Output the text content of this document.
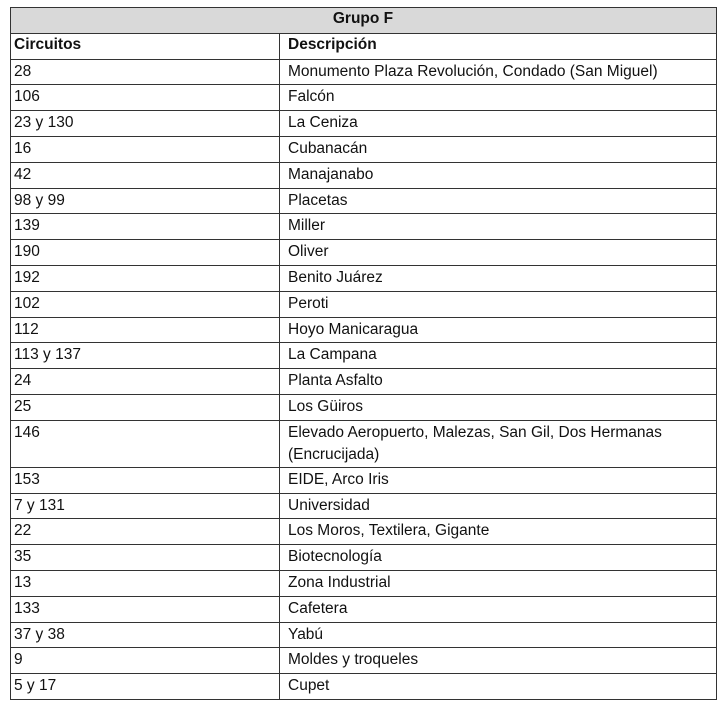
Grupo F	
Circuitos	Descripción
28	Monumento Plaza Revolución, Condado (San Miguel)
106	Falcón
23 y 130	La Ceniza
16	Cubanacán
42	Manajanabo
98 y 99	Placetas
139	Miller
190	Oliver
192	Benito Juárez
102	Peroti
112	Hoyo Manicaragua
113 y 137	La Campana
24	Planta Asfalto
25	Los Güiros
146	Elevado Aeropuerto, Malezas, San Gil, Dos Hermanas (Encrucijada)
153	EIDE, Arco Iris
7 y 131	Universidad
22	Los Moros, Textilera, Gigante
35	Biotecnología
13	Zona Industrial
133	Cafetera
37 y 38	Yabú
9	Moldes y troqueles
5 y 17	Cupet
